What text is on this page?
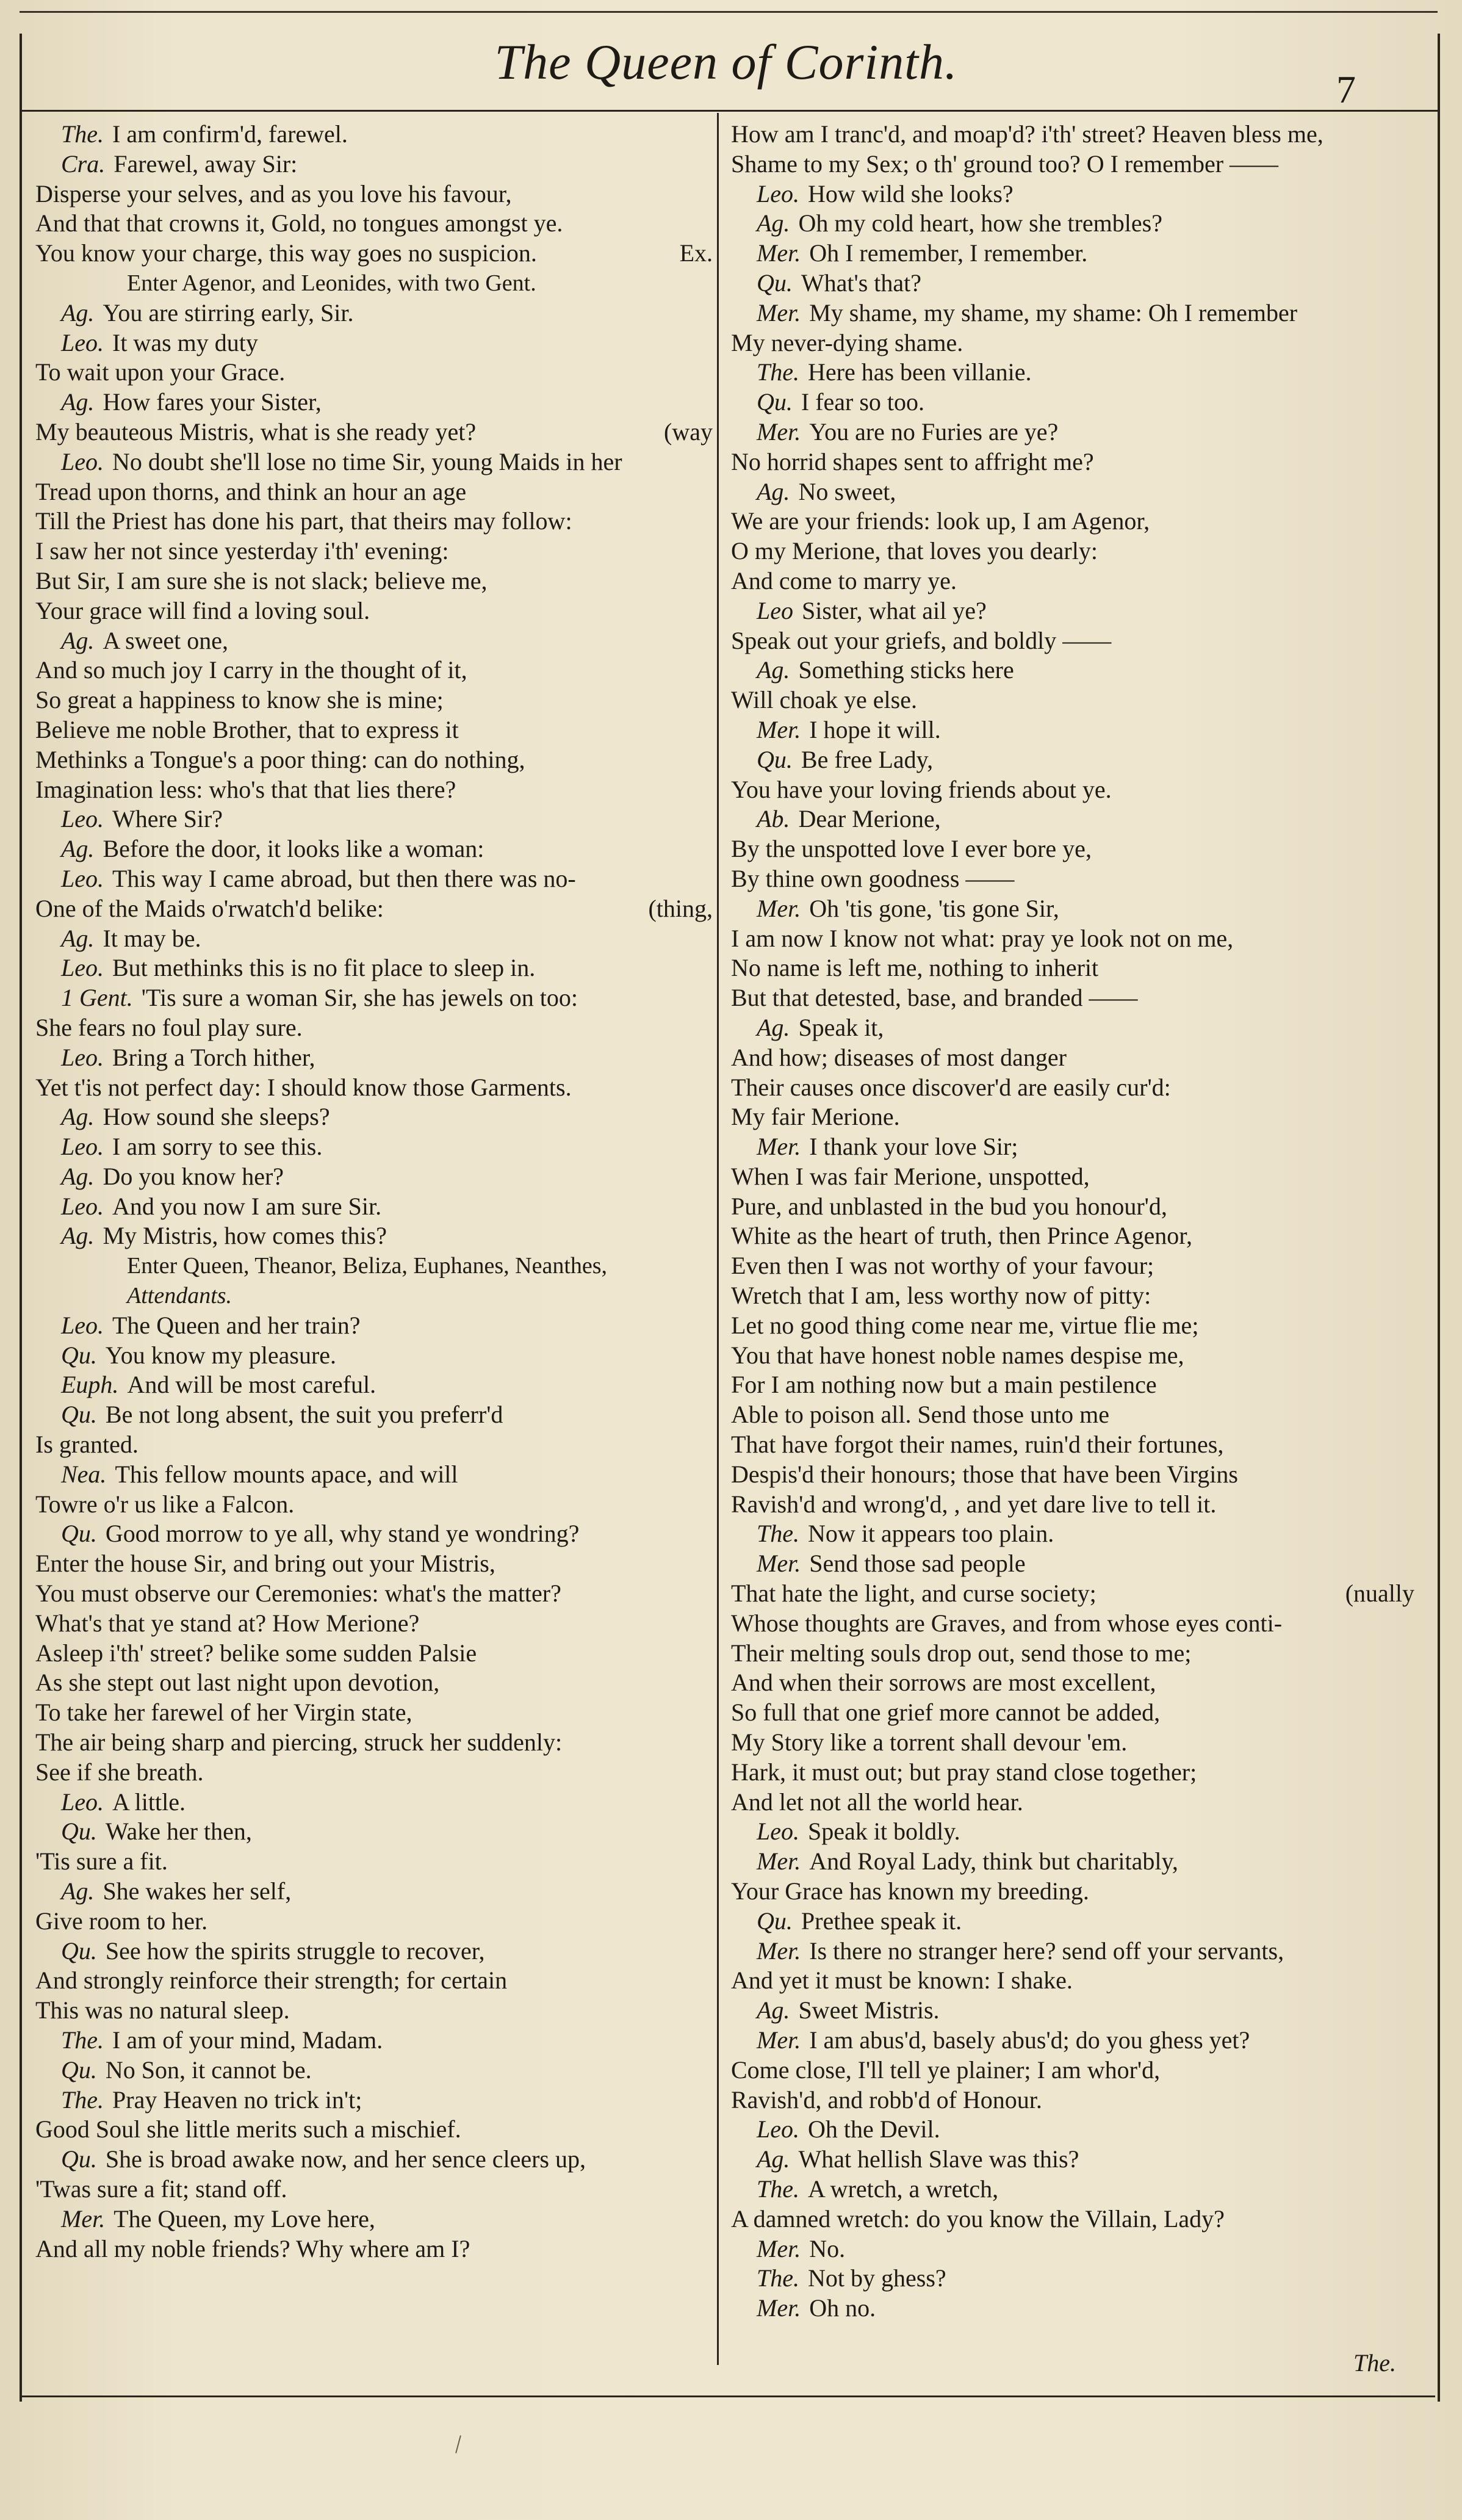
The Queen of Corinth.	7
The. I am confirm'd, farewel.
Cra. Farewel, away Sir:
Disperse your selves, and as you love his favour,
And that that crowns it, Gold, no tongues amongst ye.
Ex.
You know your charge, this way goes no suspicion.
Enter Agenor, and Leonides, with two Gent.
Ag. You are stirring early, Sir.
Leo. It was my duty
To wait upon your Grace.
Ag. How fares your Sister,
(way
My beauteous Mistris, what is she ready yet?
Leo. No doubt she'll lose no time Sir, young Maids in her
Tread upon thorns, and think an hour an age
Till the Priest has done his part, that theirs may follow:
I saw her not since yesterday i'th' evening:
But Sir, I am sure she is not slack; believe me,
Your grace will find a loving soul.
Ag. A sweet one,
And so much joy I carry in the thought of it,
So great a happiness to know she is mine;
Believe me noble Brother, that to express it
Methinks a Tongue's a poor thing: can do nothing,
Imagination less: who's that that lies there?
Leo. Where Sir?
Ag. Before the door, it looks like a woman:
Leo. This way I came abroad, but then there was no-
(thing,
One of the Maids o'rwatch'd belike:
Ag. It may be.
Leo. But methinks this is no fit place to sleep in.
1 Gent. 'Tis sure a woman Sir, she has jewels on too:
She fears no foul play sure.
Leo. Bring a Torch hither,
Yet t'is not perfect day: I should know those Garments.
Ag. How sound she sleeps?
Leo. I am sorry to see this.
Ag. Do you know her?
Leo. And you now I am sure Sir.
Ag. My Mistris, how comes this?
Enter Queen, Theanor, Beliza, Euphanes, Neanthes,
Attendants.
Leo. The Queen and her train?
Qu. You know my pleasure.
Euph. And will be most careful.
Qu. Be not long absent, the suit you preferr'd
Is granted.
Nea. This fellow mounts apace, and will
Towre o'r us like a Falcon.
Qu. Good morrow to ye all, why stand ye wondring?
Enter the house Sir, and bring out your Mistris,
You must observe our Ceremonies: what's the matter?
What's that ye stand at? How Merione?
Asleep i'th' street? belike some sudden Palsie
As she stept out last night upon devotion,
To take her farewel of her Virgin state,
The air being sharp and piercing, struck her suddenly:
See if she breath.
Leo. A little.
Qu. Wake her then,
'Tis sure a fit.
Ag. She wakes her self,
Give room to her.
Qu. See how the spirits struggle to recover,
And strongly reinforce their strength; for certain
This was no natural sleep.
The. I am of your mind, Madam.
Qu. No Son, it cannot be.
The. Pray Heaven no trick in't;
Good Soul she little merits such a mischief.
Qu. She is broad awake now, and her sence cleers up,
'Twas sure a fit; stand off.
Mer. The Queen, my Love here,
And all my noble friends? Why where am I?
How am I tranc'd, and moap'd? i'th' street? Heaven bless me,
Shame to my Sex; o th' ground too? O I remember ——
Leo. How wild she looks?
Ag. Oh my cold heart, how she trembles?
Mer. Oh I remember, I remember.
Qu. What's that?
Mer. My shame, my shame, my shame: Oh I remember
My never-dying shame.
The. Here has been villanie.
Qu. I fear so too.
Mer. You are no Furies are ye?
No horrid shapes sent to affright me?
Ag. No sweet,
We are your friends: look up, I am Agenor,
O my Merione, that loves you dearly:
And come to marry ye.
Leo Sister, what ail ye?
Speak out your griefs, and boldly ——
Ag. Something sticks here
Will choak ye else.
Mer. I hope it will.
Qu. Be free Lady,
You have your loving friends about ye.
Ab. Dear Merione,
By the unspotted love I ever bore ye,
By thine own goodness ——
Mer. Oh 'tis gone, 'tis gone Sir,
I am now I know not what: pray ye look not on me,
No name is left me, nothing to inherit
But that detested, base, and branded ——
Ag. Speak it,
And how; diseases of most danger
Their causes once discover'd are easily cur'd:
My fair Merione.
Mer. I thank your love Sir;
When I was fair Merione, unspotted,
Pure, and unblasted in the bud you honour'd,
White as the heart of truth, then Prince Agenor,
Even then I was not worthy of your favour;
Wretch that I am, less worthy now of pitty:
Let no good thing come near me, virtue flie me;
You that have honest noble names despise me,
For I am nothing now but a main pestilence
Able to poison all. Send those unto me
That have forgot their names, ruin'd their fortunes,
Despis'd their honours; those that have been Virgins
Ravish'd and wrong'd, , and yet dare live to tell it.
The. Now it appears too plain.
Mer. Send those sad people
(nually
That hate the light, and curse society;
Whose thoughts are Graves, and from whose eyes conti-
Their melting souls drop out, send those to me;
And when their sorrows are most excellent,
So full that one grief more cannot be added,
My Story like a torrent shall devour 'em.
Hark, it must out; but pray stand close together;
And let not all the world hear.
Leo. Speak it boldly.
Mer. And Royal Lady, think but charitably,
Your Grace has known my breeding.
Qu. Prethee speak it.
Mer. Is there no stranger here? send off your servants,
And yet it must be known: I shake.
Ag. Sweet Mistris.
Mer. I am abus'd, basely abus'd; do you ghess yet?
Come close, I'll tell ye plainer; I am whor'd,
Ravish'd, and robb'd of Honour.
Leo. Oh the Devil.
Ag. What hellish Slave was this?
The. A wretch, a wretch,
A damned wretch: do you know the Villain, Lady?
Mer. No.
The. Not by ghess?
Mer. Oh no.
The.
